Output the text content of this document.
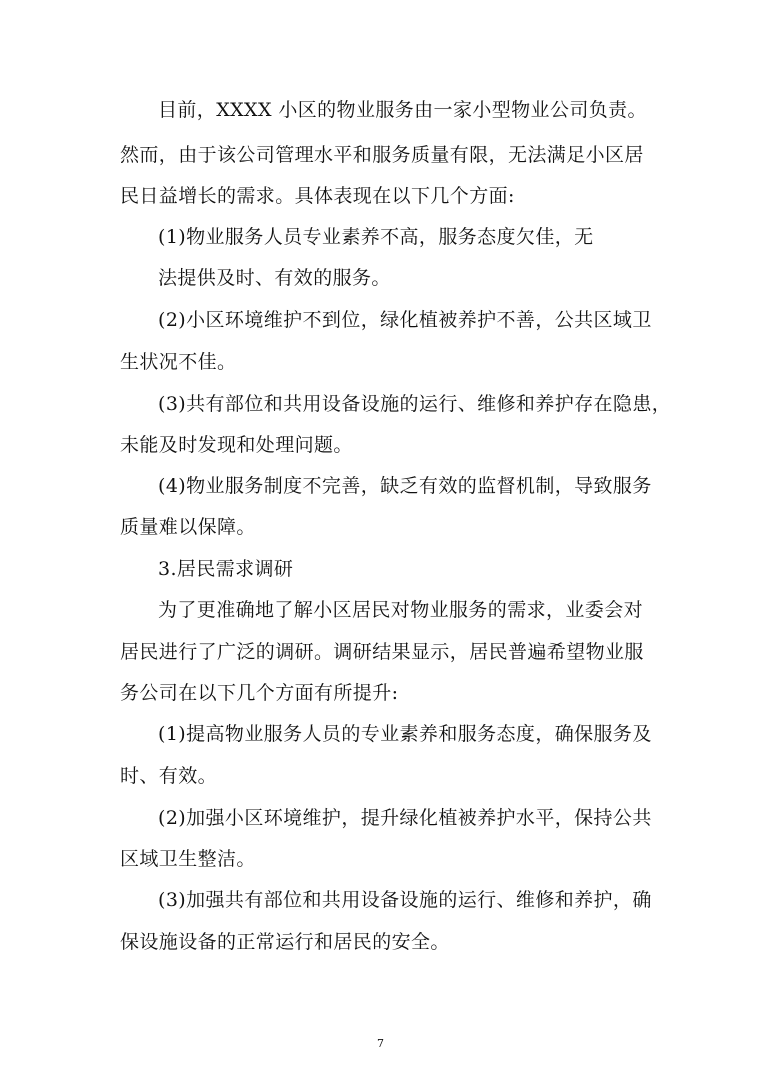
目前，XXXX 小区的物业服务由一家小型物业公司负责。

然而，由于该公司管理水平和服务质量有限，无法满足小区居

民日益增长的需求。具体表现在以下几个方面:

(1)物业服务人员专业素养不高，服务态度欠佳，无

法提供及时、有效的服务。

(2)小区环境维护不到位，绿化植被养护不善，公共区域卫

生状况不佳。

(3)共有部位和共用设备设施的运行、维修和养护存在隐患，

未能及时发现和处理问题。

(4)物业服务制度不完善，缺乏有效的监督机制，导致服务

质量难以保障。

3.居民需求调研

为了更准确地了解小区居民对物业服务的需求，业委会对

居民进行了广泛的调研。调研结果显示，居民普遍希望物业服

务公司在以下几个方面有所提升:

(1)提高物业服务人员的专业素养和服务态度，确保服务及

时、有效。

(2)加强小区环境维护，提升绿化植被养护水平，保持公共

区域卫生整洁。

(3)加强共有部位和共用设备设施的运行、维修和养护，确

保设施设备的正常运行和居民的安全。

7
